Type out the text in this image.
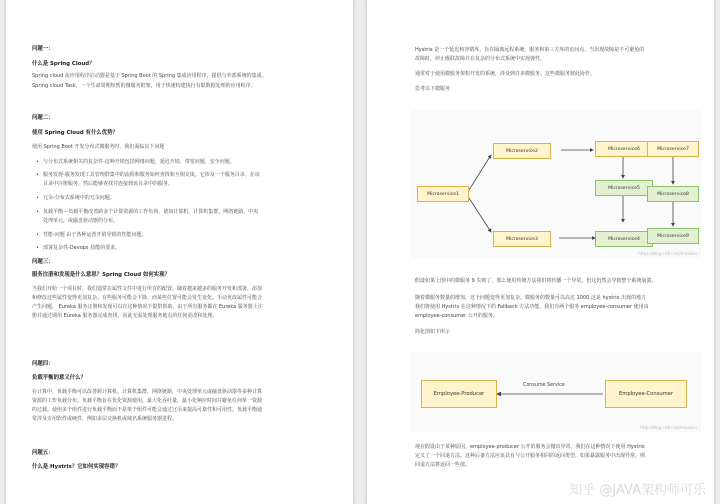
问题一：
什么是 Spring Cloud？
Spring cloud 流应用程序启动器是基于 Spring Boot 的 Spring 集成应用程序，提供与外部系统的集成。
Spring cloud Task，一个生命周期短暂的微服务框架，用于快速构建执行有限数据处理的应用程序。
问题二：
使用 Spring Cloud 有什么优势？
使用 Spring Boot 开发分布式微服务时，我们面临以下问题
• 与分布式系统相关的复杂性-这种开销包括网络问题，延迟开销，带宽问题，安全问题。
• 服务发现-服务发现工具管理群集中的流程和服务如何查找和互相交谈。它涉及一个服务目录，在该
目录中注册服务，然后能够查找并连接到该目录中的服务。
• 冗余-分布式系统中的冗余问题。
• 负载平衡 --负载平衡改善跨多个计算资源的工作负荷，诸如计算机，计算机集群，网络链路，中央
处理单元，或磁盘驱动器的分布。
• 性能-问题 由于各种运营开销导致的性能问题。
• 部署复杂性-Devops 技能的要求。
问题三：
服务注册和发现是什么意思？Spring Cloud 如何实现？
当我们开始一个项目时，我们通常在属性文件中进行所有的配置。随着越来越多的服务开发和部署，添加
和修改这些属性变得更加复杂。有些服务可能会下降，而某些位置可能会发生变化。手动更改属性可能会
产生问题。 Eureka 服务注册和发现可以在这种情况下提供帮助。由于所有服务都在 Eureka 服务器上注
册并通过调用 Eureka 服务器完成查找，因此无需处理服务地点的任何更改和处理。
问题四：
负载平衡的意义什么？
在计算中，负载平衡可以改善跨计算机，计算机集群，网络链路，中央处理单元或磁盘驱动器等多种计算
资源的工作负载分布。负载平衡旨在优化资源使用，最大化吞吐量，最小化响应时间并避免任何单一资源
的过载。使用多个组件进行负载平衡而不是单个组件可能会通过冗余来提高可靠性和可用性。负载平衡通
常涉及专用软件或硬件，例如多层交换机或域名系统服务器进程。
问题五：
什么是 Hystrix？它如何实现容错？
Microservice1
Microservice2
Microservice3
Microservice6
Microservice5
Microservice4
Microservice7
Microservice8
Microservice9
https://blog.csdn.net/moakun
Employee-Producer	Employee-Consumer
Consume Service
http://blog.csdn.net/moakun
Hystrix 是一个延迟和容错库，旨在隔离远程系统，服务和第三方库的访问点，当出现故障是不可避免的
故障时，停止级联故障并在复杂的分布式系统中实现弹性。
通常对于使用微服务架构开发的系统，涉及到许多微服务。这些微服务彼此协作。
思考以下微服务
假设如果上图中的微服务 9 失败了，那么使用传统方法我们将传播一个异常。但这仍然会导致整个系统崩溃。
随着微服务数量的增加，这个问题变得更加复杂。微服务的数量可以高达 1000.这是 hystrix 出现的地方
我们将使用 Hystrix 在这种情况下的 Fallback 方法功能。我们有两个服务 employee-consumer 使用由
employee-consumer 公开的服务。
简化图如下所示
现在假设由于某种原因，employee-producer 公开的服务会抛出异常。我们在这种情况下使用 Hystrix
定义了一个回退方法。这种后备方法应该具有与公开服务相同的返回类型。如果暴露服务中出现异常，则
回退方法将返回一些值。
知乎 @JAVA架构师可乐
